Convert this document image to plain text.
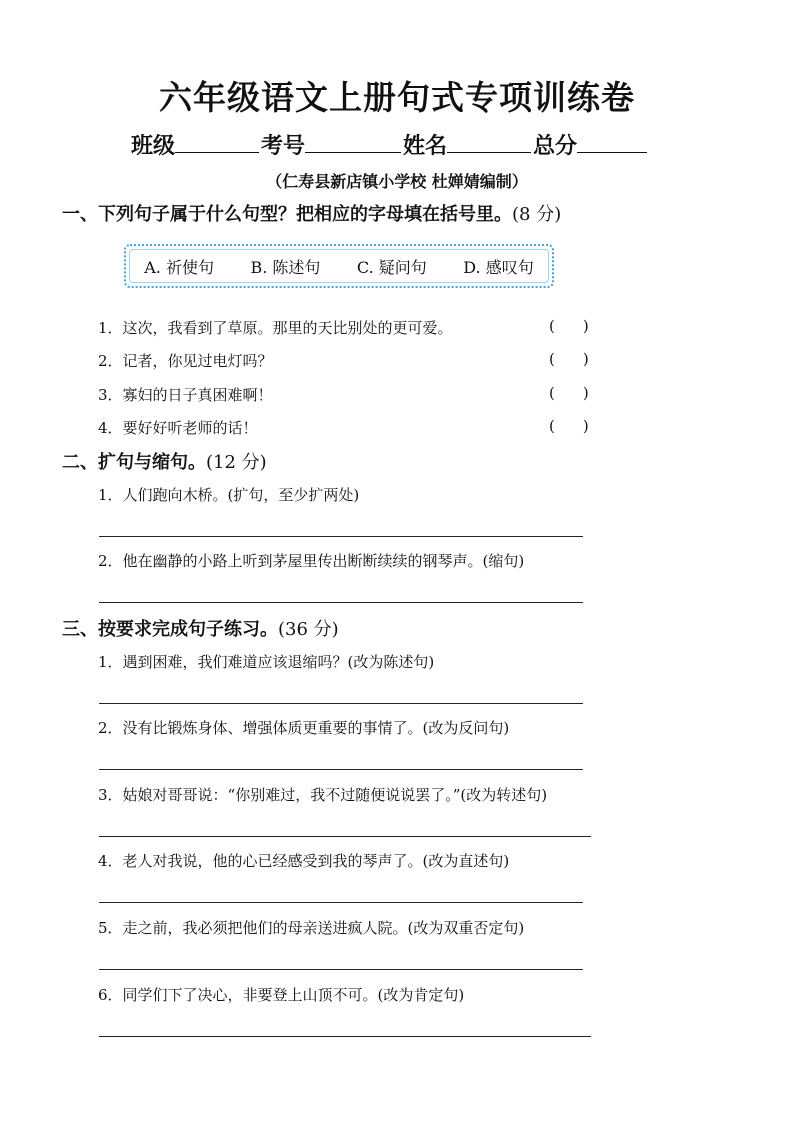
六年级语文上册句式专项训练卷
班级	考号	姓名	总分
（仁寿县新店镇小学校 杜婵婧编制）
一、下列句子属于什么句型？把相应的字母填在括号里。(8 分)
A. 祈使句 B. 陈述句 C. 疑问句 D. 感叹句
1．这次，我看到了草原。那里的天比别处的更可爱。	( )
2．记者，你见过电灯吗？	( )
3．寡妇的日子真困难啊！	( )
4．要好好听老师的话！	( )
二、扩句与缩句。(12 分)
1．人们跑向木桥。(扩句，至少扩两处)
2．他在幽静的小路上听到茅屋里传出断断续续的钢琴声。(缩句)
三、按要求完成句子练习。(36 分)
1．遇到困难，我们难道应该退缩吗？(改为陈述句)
2．没有比锻炼身体、增强体质更重要的事情了。(改为反问句)
3．姑娘对哥哥说：“你别难过，我不过随便说说罢了。”(改为转述句)
4．老人对我说，他的心已经感受到我的琴声了。(改为直述句)
5．走之前，我必须把他们的母亲送进疯人院。(改为双重否定句)
6．同学们下了决心，非要登上山顶不可。(改为肯定句)
